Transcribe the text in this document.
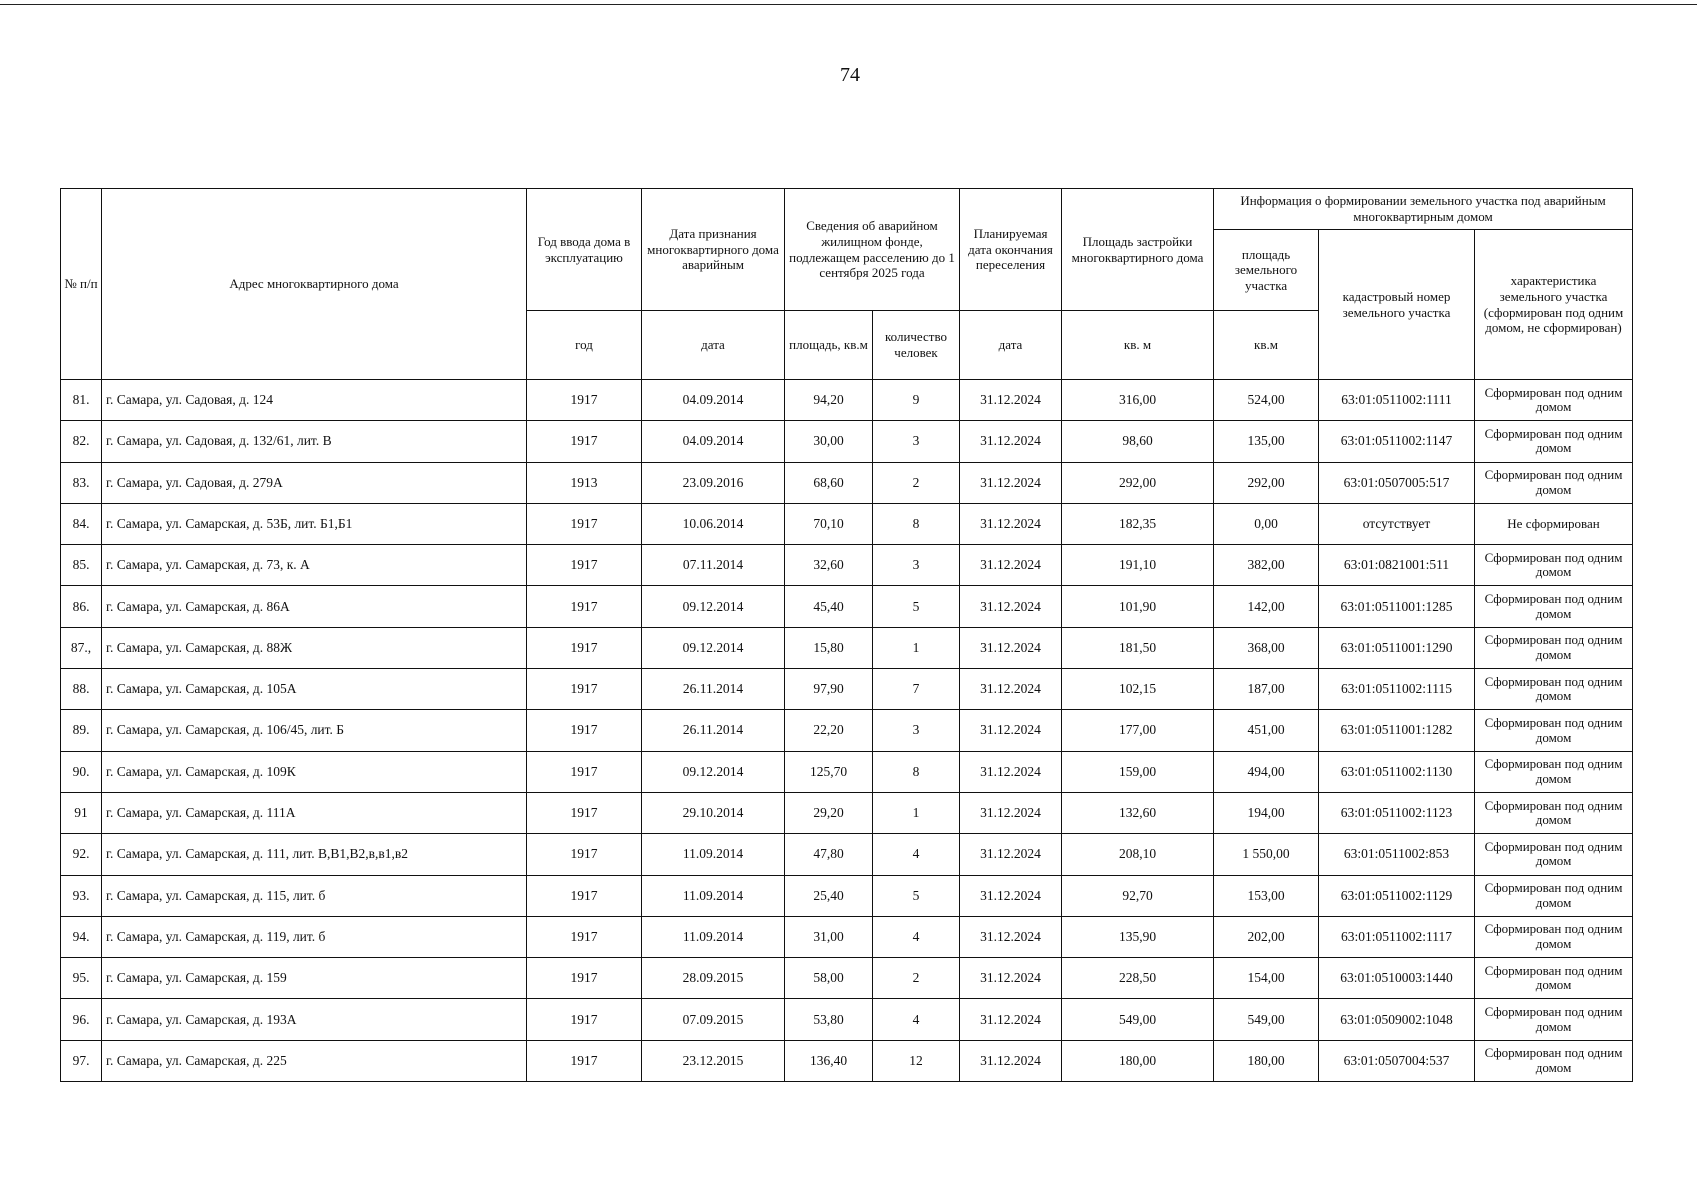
74
№ п/п	Адрес многоквартирного дома	Год ввода дома в эксплуатацию	Дата признания многоквартирного дома аварийным	Сведения об аварийном жилищном фонде, подлежащем расселению до 1 сентября 2025 года		Планируемая дата окончания переселения	Площадь застройки многоквартирного дома	Информация о формировании земельного участка под аварийным многоквартирным домом		
								площадь земельного участка	кадастровый номер земельного участка	характеристика земельного участка (сформирован под одним домом, не сформирован)
		год	дата	площадь, кв.м	количество человек	дата	кв. м	кв.м		
81.	г. Самара, ул. Садовая, д. 124	1917	04.09.2014	94,20	9	31.12.2024	316,00	524,00	63:01:0511002:1111	Сформирован под одним домом
82.	г. Самара, ул. Садовая, д. 132/61, лит. В	1917	04.09.2014	30,00	3	31.12.2024	98,60	135,00	63:01:0511002:1147	Сформирован под одним домом
83.	г. Самара, ул. Садовая, д. 279А	1913	23.09.2016	68,60	2	31.12.2024	292,00	292,00	63:01:0507005:517	Сформирован под одним домом
84.	г. Самара, ул. Самарская, д. 53Б, лит. Б1,Б1	1917	10.06.2014	70,10	8	31.12.2024	182,35	0,00	отсутствует	Не сформирован
85.	г. Самара, ул. Самарская, д. 73, к. А	1917	07.11.2014	32,60	3	31.12.2024	191,10	382,00	63:01:0821001:511	Сформирован под одним домом
86.	г. Самара, ул. Самарская, д. 86А	1917	09.12.2014	45,40	5	31.12.2024	101,90	142,00	63:01:0511001:1285	Сформирован под одним домом
87.,	г. Самара, ул. Самарская, д. 88Ж	1917	09.12.2014	15,80	1	31.12.2024	181,50	368,00	63:01:0511001:1290	Сформирован под одним домом
88.	г. Самара, ул. Самарская, д. 105А	1917	26.11.2014	97,90	7	31.12.2024	102,15	187,00	63:01:0511002:1115	Сформирован под одним домом
89.	г. Самара, ул. Самарская, д. 106/45, лит. Б	1917	26.11.2014	22,20	3	31.12.2024	177,00	451,00	63:01:0511001:1282	Сформирован под одним домом
90.	г. Самара, ул. Самарская, д. 109К	1917	09.12.2014	125,70	8	31.12.2024	159,00	494,00	63:01:0511002:1130	Сформирован под одним домом
91	г. Самара, ул. Самарская, д. 111А	1917	29.10.2014	29,20	1	31.12.2024	132,60	194,00	63:01:0511002:1123	Сформирован под одним домом
92.	г. Самара, ул. Самарская, д. 111, лит. В,В1,В2,в,в1,в2	1917	11.09.2014	47,80	4	31.12.2024	208,10	1 550,00	63:01:0511002:853	Сформирован под одним домом
93.	г. Самара, ул. Самарская, д. 115, лит. б	1917	11.09.2014	25,40	5	31.12.2024	92,70	153,00	63:01:0511002:1129	Сформирован под одним домом
94.	г. Самара, ул. Самарская, д. 119, лит. б	1917	11.09.2014	31,00	4	31.12.2024	135,90	202,00	63:01:0511002:1117	Сформирован под одним домом
95.	г. Самара, ул. Самарская, д. 159	1917	28.09.2015	58,00	2	31.12.2024	228,50	154,00	63:01:0510003:1440	Сформирован под одним домом
96.	г. Самара, ул. Самарская, д. 193А	1917	07.09.2015	53,80	4	31.12.2024	549,00	549,00	63:01:0509002:1048	Сформирован под одним домом
97.	г. Самара, ул. Самарская, д. 225	1917	23.12.2015	136,40	12	31.12.2024	180,00	180,00	63:01:0507004:537	Сформирован под одним домом
